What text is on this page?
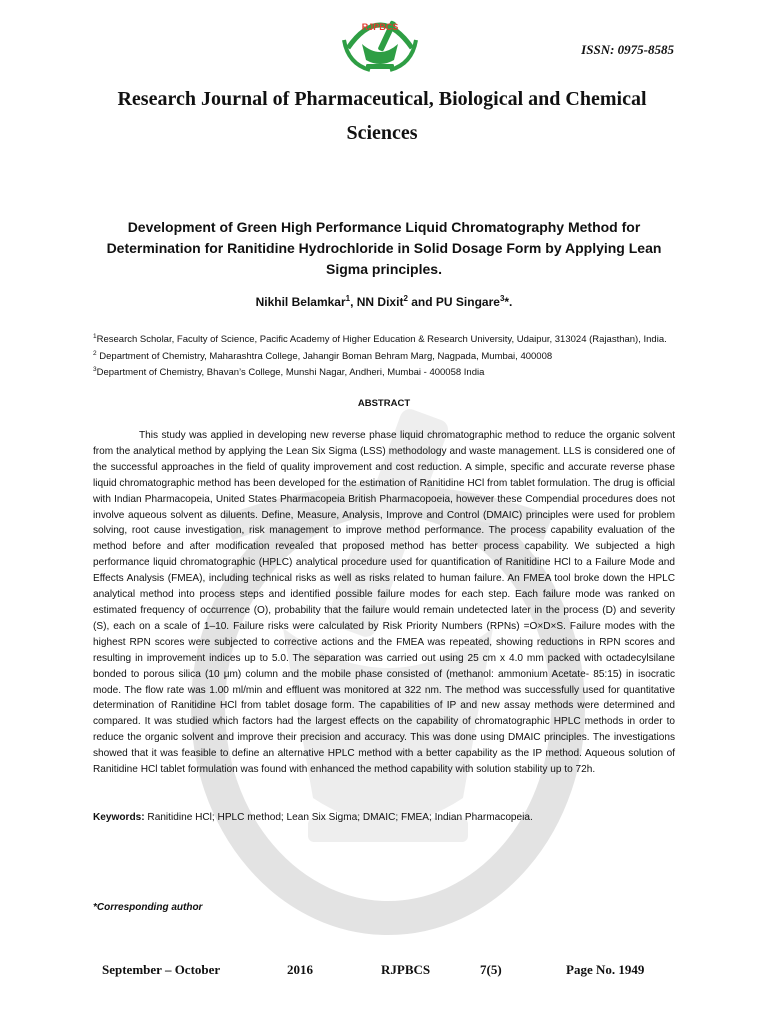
RJPBCS
ISSN: 0975-8585
Research Journal of Pharmaceutical, Biological and Chemical Sciences
Development of Green High Performance Liquid Chromatography Method for Determination for Ranitidine Hydrochloride in Solid Dosage Form by Applying Lean Sigma principles.
Nikhil Belamkar$^1$, NN Dixit$^2$ and PU Singare$^3$*.

$^1$Research Scholar, Faculty of Science, Pacific Academy of Higher Education & Research University, Udaipur, 313024 (Rajasthan), India.

$^2$ Department of Chemistry, Maharashtra College, Jahangir Boman Behram Marg, Nagpada, Mumbai, 400008

$^3$Department of Chemistry, Bhavan’s College, Munshi Nagar, Andheri, Mumbai - 400058 India

ABSTRACT

This study was applied in developing new reverse phase liquid chromatographic method to reduce the organic solvent from the analytical method by applying the Lean Six Sigma (LSS) methodology and waste management. LLS is considered one of the successful approaches in the field of quality improvement and cost reduction. A simple, specific and accurate reverse phase liquid chromatographic method has been developed for the estimation of Ranitidine HCl from tablet formulation. The drug is official with Indian Pharmacopeia, United States Pharmacopeia British Pharmacopoeia, however these Compendial procedures does not involve aqueous solvent as diluents. Define, Measure, Analysis, Improve and Control (DMAIC) principles were used for problem solving, root cause investigation, risk management to improve method performance. The process capability evaluation of the method before and after modification revealed that proposed method has better process capability. We subjected a high performance liquid chromatographic (HPLC) analytical procedure used for quantification of Ranitidine HCl to a Failure Mode and Effects Analysis (FMEA), including technical risks as well as risks related to human failure. An FMEA tool broke down the HPLC analytical method into process steps and identified possible failure modes for each step. Each failure mode was ranked on estimated frequency of occurrence (O), probability that the failure would remain undetected later in the process (D) and severity (S), each on a scale of 1–10. Failure risks were calculated by Risk Priority Numbers (RPNs) =O×D×S. Failure modes with the highest RPN scores were subjected to corrective actions and the FMEA was repeated, showing reductions in RPN scores and resulting in improvement indices up to 5.0. The separation was carried out using 25 cm x 4.0 mm packed with octadecylsilane bonded to porous silica (10 μm) column and the mobile phase consisted of (methanol: ammonium Acetate- 85:15) in isocratic mode. The flow rate was 1.00 ml/min and effluent was monitored at 322 nm. The method was successfully used for quantitative determination of Ranitidine HCl from tablet dosage form. The capabilities of IP and new assay methods were determined and compared. It was studied which factors had the largest effects on the capability of chromatographic HPLC methods in order to reduce the organic solvent and improve their precision and accuracy. This was done using DMAIC principles. The investigations showed that it was feasible to define an alternative HPLC method with a better capability as the IP method. Aqueous solution of Ranitidine HCl tablet formulation was found with enhanced the method capability with solution stability up to 72h.

Keywords: Ranitidine HCl; HPLC method; Lean Six Sigma; DMAIC; FMEA; Indian Pharmacopeia.
*Corresponding author
September – October	2016	RJPBCS	7(5)	Page No. 1949
